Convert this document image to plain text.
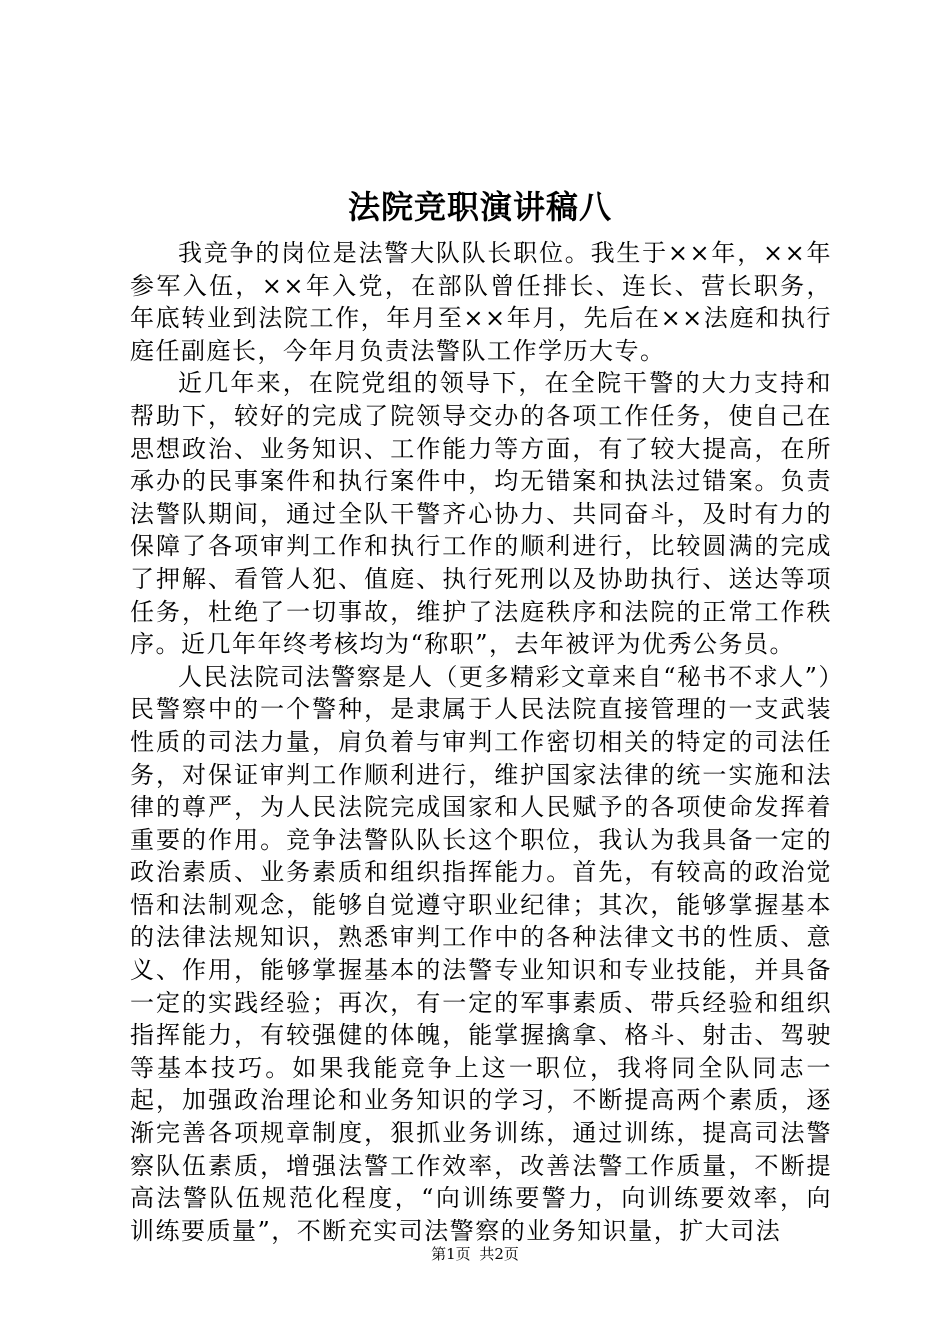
法院竞职演讲稿八

我竞争的岗位是法警大队队长职位。我生于××年，××年参军入伍，××年入党，在部队曾任排长、连长、营长职务，年底转业到法院工作，年月至××年月，先后在××法庭和执行庭任副庭长，今年月负责法警队工作学历大专。

近几年来，在院党组的领导下，在全院干警的大力支持和帮助下，较好的完成了院领导交办的各项工作任务，使自己在思想政治、业务知识、工作能力等方面，有了较大提高，在所承办的民事案件和执行案件中，均无错案和执法过错案。负责法警队期间，通过全队干警齐心协力、共同奋斗，及时有力的保障了各项审判工作和执行工作的顺利进行，比较圆满的完成了押解、看管人犯、值庭、执行死刑以及协助执行、送达等项任务，杜绝了一切事故，维护了法庭秩序和法院的正常工作秩序。近几年年终考核均为“称职”，去年被评为优秀公务员。

人民法院司法警察是人（更多精彩文章来自“秘书不求人”）民警察中的一个警种，是隶属于人民法院直接管理的一支武装性质的司法力量，肩负着与审判工作密切相关的特定的司法任务，对保证审判工作顺利进行，维护国家法律的统一实施和法律的尊严，为人民法院完成国家和人民赋予的各项使命发挥着重要的作用。竞争法警队队长这个职位，我认为我具备一定的政治素质、业务素质和组织指挥能力。首先，有较高的政治觉悟和法制观念，能够自觉遵守职业纪律；其次，能够掌握基本的法律法规知识，熟悉审判工作中的各种法律文书的性质、意义、作用，能够掌握基本的法警专业知识和专业技能，并具备一定的实践经验；再次，有一定的军事素质、带兵经验和组织指挥能力，有较强健的体魄，能掌握擒拿、格斗、射击、驾驶等基本技巧。如果我能竞争上这一职位，我将同全队同志一起，加强政治理论和业务知识的学习，不断提高两个素质，逐渐完善各项规章制度，狠抓业务训练，通过训练，提高司法警察队伍素质，增强法警工作效率，改善法警工作质量，不断提高法警队伍规范化程度，“向训练要警力，向训练要效率，向训练要质量”，不断充实司法警察的业务知识量，扩大司法

第1页 共2页
